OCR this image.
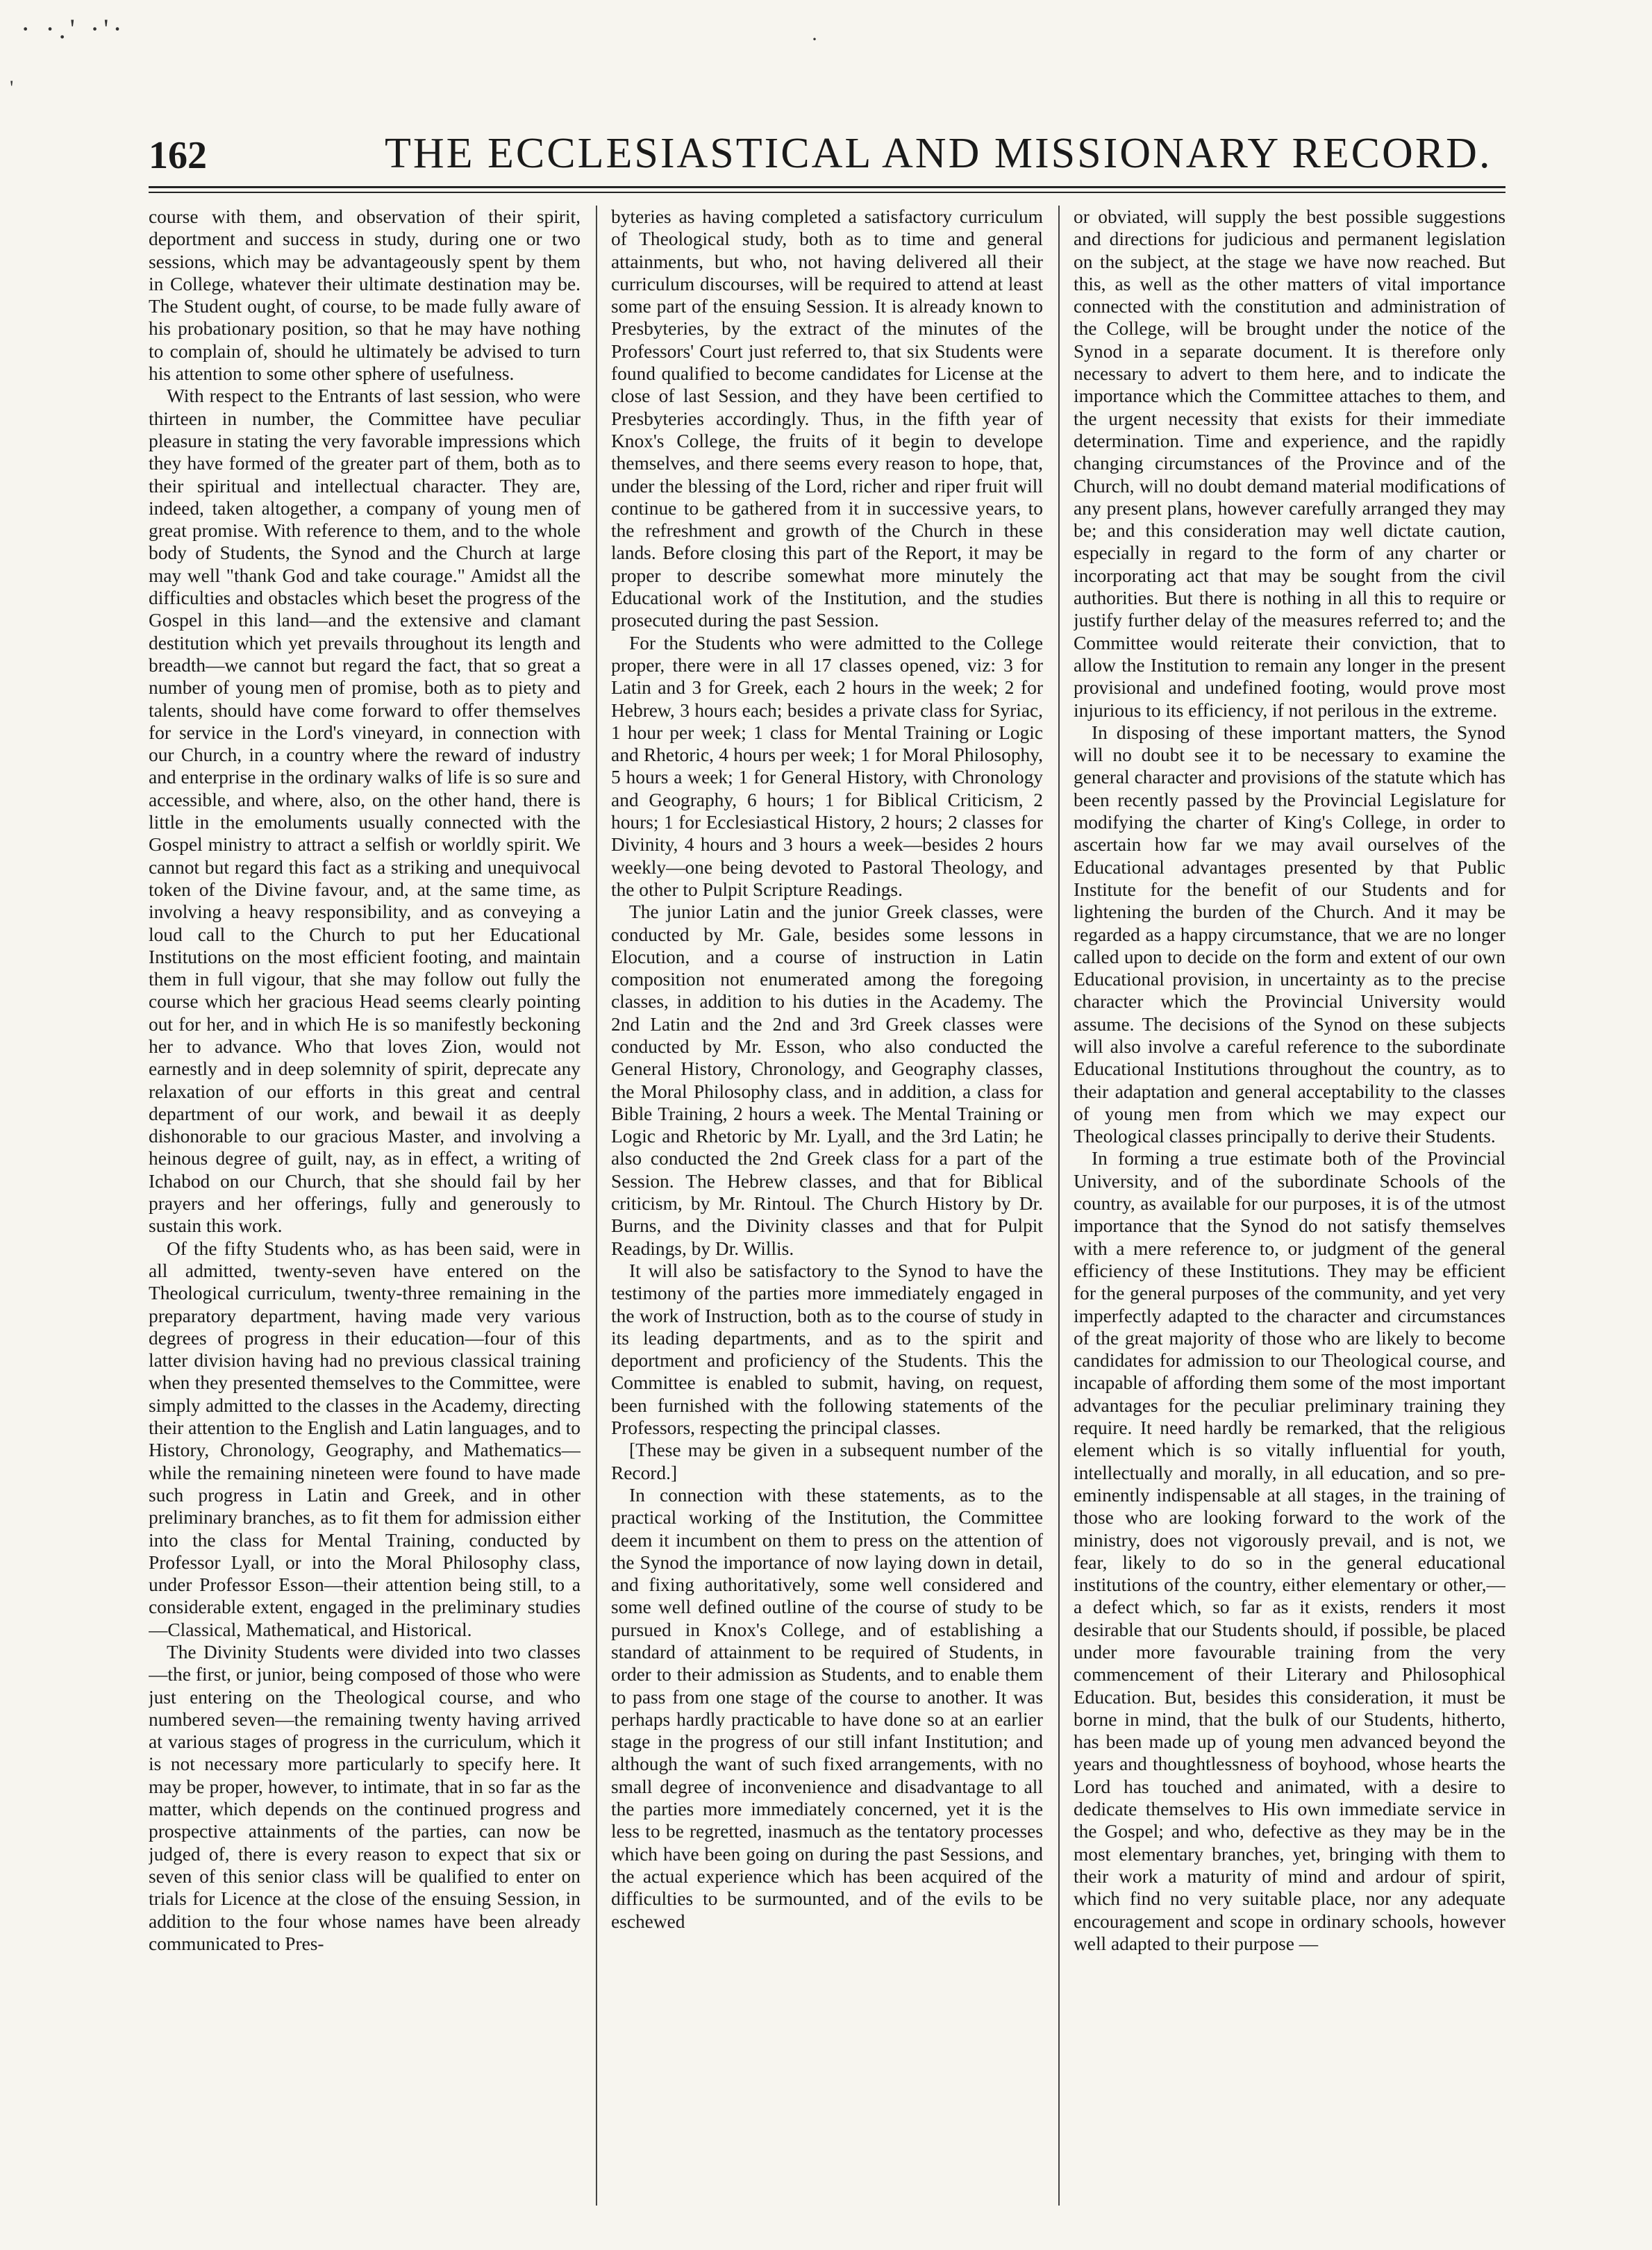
· ·.' ·'·	·
'
162	THE ECCLESIASTICAL AND MISSIONARY RECORD.

course with them, and observation of their spirit, deportment and success in study, during one or two sessions, which may be advantageously spent by them in College, whatever their ultimate destination may be. The Student ought, of course, to be made fully aware of his probationary position, so that he may have nothing to complain of, should he ultimately be advised to turn his attention to some other sphere of usefulness.

With respect to the Entrants of last session, who were thirteen in number, the Committee have peculiar pleasure in stating the very favorable impressions which they have formed of the greater part of them, both as to their spiritual and intellectual character. They are, indeed, taken altogether, a company of young men of great promise. With reference to them, and to the whole body of Students, the Synod and the Church at large may well "thank God and take courage." Amidst all the difficulties and obstacles which beset the progress of the Gospel in this land—and the extensive and clamant destitution which yet prevails throughout its length and breadth—we cannot but regard the fact, that so great a number of young men of promise, both as to piety and talents, should have come forward to offer themselves for service in the Lord's vineyard, in connection with our Church, in a country where the reward of industry and enterprise in the ordinary walks of life is so sure and accessible, and where, also, on the other hand, there is little in the emoluments usually connected with the Gospel ministry to attract a selfish or worldly spirit. We cannot but regard this fact as a striking and unequivocal token of the Divine favour, and, at the same time, as involving a heavy responsibility, and as conveying a loud call to the Church to put her Educational Institutions on the most efficient footing, and maintain them in full vigour, that she may follow out fully the course which her gracious Head seems clearly pointing out for her, and in which He is so manifestly beckoning her to advance. Who that loves Zion, would not earnestly and in deep solemnity of spirit, deprecate any relaxation of our efforts in this great and central department of our work, and bewail it as deeply dishonorable to our gracious Master, and involving a heinous degree of guilt, nay, as in effect, a writing of Ichabod on our Church, that she should fail by her prayers and her offerings, fully and generously to sustain this work.

Of the fifty Students who, as has been said, were in all admitted, twenty-seven have entered on the Theological curriculum, twenty-three remaining in the preparatory department, having made very various degrees of progress in their education—four of this latter division having had no previous classical training when they presented themselves to the Committee, were simply admitted to the classes in the Academy, directing their attention to the English and Latin languages, and to History, Chronology, Geography, and Mathematics—while the remaining nineteen were found to have made such progress in Latin and Greek, and in other preliminary branches, as to fit them for admission either into the class for Mental Training, conducted by Professor Lyall, or into the Moral Philosophy class, under Professor Esson—their attention being still, to a considerable extent, engaged in the preliminary studies—Classical, Mathematical, and Historical.

The Divinity Students were divided into two classes—the first, or junior, being composed of those who were just entering on the Theological course, and who numbered seven—the remaining twenty having arrived at various stages of progress in the curriculum, which it is not necessary more particularly to specify here. It may be proper, however, to intimate, that in so far as the matter, which depends on the continued progress and prospective attainments of the parties, can now be judged of, there is every reason to expect that six or seven of this senior class will be qualified to enter on trials for Licence at the close of the ensuing Session, in addition to the four whose names have been already communicated to Pres-

byteries as having completed a satisfactory curriculum of Theological study, both as to time and general attainments, but who, not having delivered all their curriculum discourses, will be required to attend at least some part of the ensuing Session. It is already known to Presbyteries, by the extract of the minutes of the Professors' Court just referred to, that six Students were found qualified to become candidates for License at the close of last Session, and they have been certified to Presbyteries accordingly. Thus, in the fifth year of Knox's College, the fruits of it begin to develope themselves, and there seems every reason to hope, that, under the blessing of the Lord, richer and riper fruit will continue to be gathered from it in successive years, to the refreshment and growth of the Church in these lands. Before closing this part of the Report, it may be proper to describe somewhat more minutely the Educational work of the Institution, and the studies prosecuted during the past Session.

For the Students who were admitted to the College proper, there were in all 17 classes opened, viz: 3 for Latin and 3 for Greek, each 2 hours in the week; 2 for Hebrew, 3 hours each; besides a private class for Syriac, 1 hour per week; 1 class for Mental Training or Logic and Rhetoric, 4 hours per week; 1 for Moral Philosophy, 5 hours a week; 1 for General History, with Chronology and Geography, 6 hours; 1 for Biblical Criticism, 2 hours; 1 for Ecclesiastical History, 2 hours; 2 classes for Divinity, 4 hours and 3 hours a week—besides 2 hours weekly—one being devoted to Pastoral Theology, and the other to Pulpit Scripture Readings.

The junior Latin and the junior Greek classes, were conducted by Mr. Gale, besides some lessons in Elocution, and a course of instruction in Latin composition not enumerated among the foregoing classes, in addition to his duties in the Academy. The 2nd Latin and the 2nd and 3rd Greek classes were conducted by Mr. Esson, who also conducted the General History, Chronology, and Geography classes, the Moral Philosophy class, and in addition, a class for Bible Training, 2 hours a week. The Mental Training or Logic and Rhetoric by Mr. Lyall, and the 3rd Latin; he also conducted the 2nd Greek class for a part of the Session. The Hebrew classes, and that for Biblical criticism, by Mr. Rintoul. The Church History by Dr. Burns, and the Divinity classes and that for Pulpit Readings, by Dr. Willis.

It will also be satisfactory to the Synod to have the testimony of the parties more immediately engaged in the work of Instruction, both as to the course of study in its leading departments, and as to the spirit and deportment and proficiency of the Students. This the Committee is enabled to submit, having, on request, been furnished with the following statements of the Professors, respecting the principal classes.

[These may be given in a subsequent number of the Record.]

In connection with these statements, as to the practical working of the Institution, the Committee deem it incumbent on them to press on the attention of the Synod the importance of now laying down in detail, and fixing authoritatively, some well considered and some well defined outline of the course of study to be pursued in Knox's College, and of establishing a standard of attainment to be required of Students, in order to their admission as Students, and to enable them to pass from one stage of the course to another. It was perhaps hardly practicable to have done so at an earlier stage in the progress of our still infant Institution; and although the want of such fixed arrangements, with no small degree of inconvenience and disadvantage to all the parties more immediately concerned, yet it is the less to be regretted, inasmuch as the tentatory processes which have been going on during the past Sessions, and the actual experience which has been acquired of the difficulties to be surmounted, and of the evils to be eschewed

or obviated, will supply the best possible suggestions and directions for judicious and permanent legislation on the subject, at the stage we have now reached. But this, as well as the other matters of vital importance connected with the constitution and administration of the College, will be brought under the notice of the Synod in a separate document. It is therefore only necessary to advert to them here, and to indicate the importance which the Committee attaches to them, and the urgent necessity that exists for their immediate determination. Time and experience, and the rapidly changing circumstances of the Province and of the Church, will no doubt demand material modifications of any present plans, however carefully arranged they may be; and this consideration may well dictate caution, especially in regard to the form of any charter or incorporating act that may be sought from the civil authorities. But there is nothing in all this to require or justify further delay of the measures referred to; and the Committee would reiterate their conviction, that to allow the Institution to remain any longer in the present provisional and undefined footing, would prove most injurious to its efficiency, if not perilous in the extreme.

In disposing of these important matters, the Synod will no doubt see it to be necessary to examine the general character and provisions of the statute which has been recently passed by the Provincial Legislature for modifying the charter of King's College, in order to ascertain how far we may avail ourselves of the Educational advantages presented by that Public Institute for the benefit of our Students and for lightening the burden of the Church. And it may be regarded as a happy circumstance, that we are no longer called upon to decide on the form and extent of our own Educational provision, in uncertainty as to the precise character which the Provincial University would assume. The decisions of the Synod on these subjects will also involve a careful reference to the subordinate Educational Institutions throughout the country, as to their adaptation and general acceptability to the classes of young men from which we may expect our Theological classes principally to derive their Students.

In forming a true estimate both of the Provincial University, and of the subordinate Schools of the country, as available for our purposes, it is of the utmost importance that the Synod do not satisfy themselves with a mere reference to, or judgment of the general efficiency of these Institutions. They may be efficient for the general purposes of the community, and yet very imperfectly adapted to the character and circumstances of the great majority of those who are likely to become candidates for admission to our Theological course, and incapable of affording them some of the most important advantages for the peculiar preliminary training they require. It need hardly be remarked, that the religious element which is so vitally influential for youth, intellectually and morally, in all education, and so pre-eminently indispensable at all stages, in the training of those who are looking forward to the work of the ministry, does not vigorously prevail, and is not, we fear, likely to do so in the general educational institutions of the country, either elementary or other,—a defect which, so far as it exists, renders it most desirable that our Students should, if possible, be placed under more favourable training from the very commencement of their Literary and Philosophical Education. But, besides this consideration, it must be borne in mind, that the bulk of our Students, hitherto, has been made up of young men advanced beyond the years and thoughtlessness of boyhood, whose hearts the Lord has touched and animated, with a desire to dedicate themselves to His own immediate service in the Gospel; and who, defective as they may be in the most elementary branches, yet, bringing with them to their work a maturity of mind and ardour of spirit, which find no very suitable place, nor any adequate encouragement and scope in ordinary schools, however well adapted to their purpose —
